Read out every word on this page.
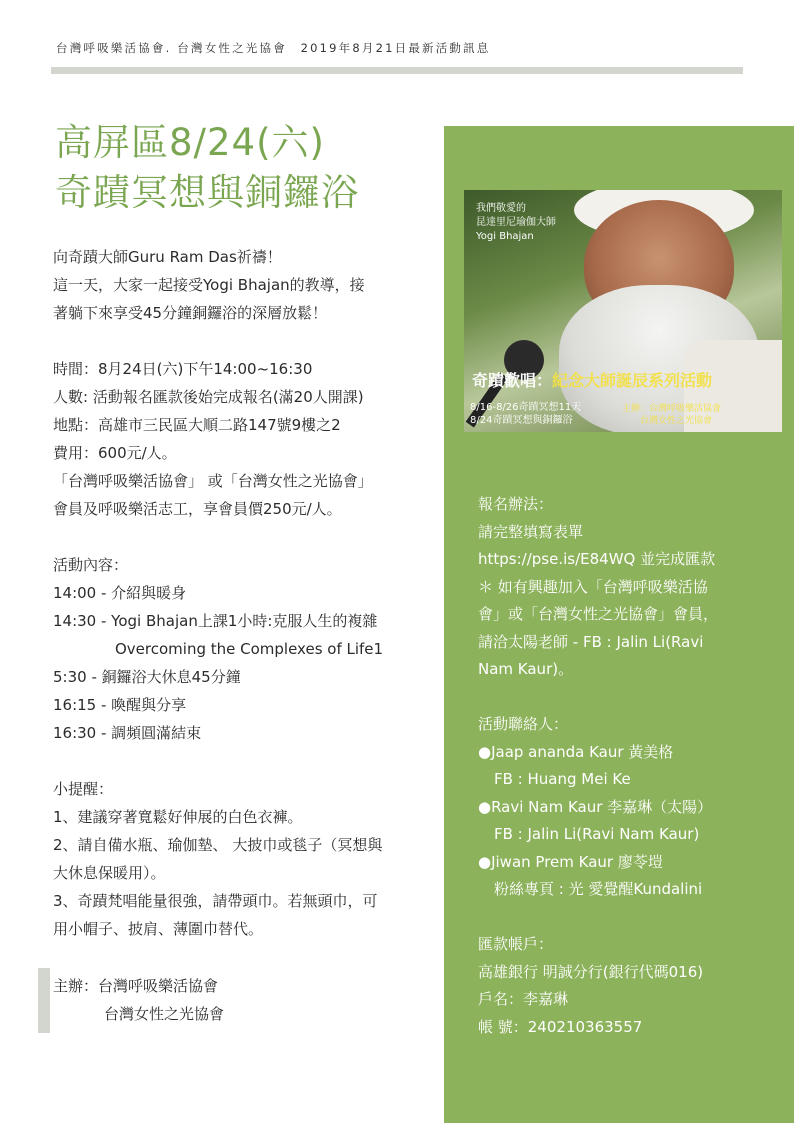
台灣呼吸樂活協會. 台灣女性之光協會　2019年8月21日最新活動訊息
高屏區8/24(六)
奇蹟冥想與銅鑼浴

向奇蹟大師Guru Ram Das祈禱！

這一天，大家一起接受Yogi Bhajan的教導，接

著躺下來享受45分鐘銅鑼浴的深層放鬆！

時間：8月24日(六)下午14:00~16:30

人數: 活動報名匯款後始完成報名(滿20人開課)

地點：高雄市三民區大順二路147號9樓之2

費用：600元/人。

「台灣呼吸樂活協會」 或「台灣女性之光協會」

會員及呼吸樂活志工，享會員價250元/人。

活動內容：

14:00 - 介紹與暖身

14:30 - Yogi Bhajan上課1小時:克服人生的複雜

Overcoming the Complexes of Life1

5:30 - 銅鑼浴大休息45分鐘

16:15 - 喚醒與分享

16:30 - 調頻圓滿結束

小提醒：

1、建議穿著寬鬆好伸展的白色衣褲。

2、請自備水瓶、瑜伽墊、 大披巾或毯子（冥想與

大休息保暖用）。

3、奇蹟梵唱能量很強，請帶頭巾。若無頭巾，可

用小帽子、披肩、薄圍巾替代。

主辦：台灣呼吸樂活協會

台灣女性之光協會

我們敬愛的
昆達里尼瑜伽大師
Yogi Bhajan
奇蹟歡唱：紀念大師誕辰系列活動
8/16-8/26奇蹟冥想11天
8/24奇蹟冥想與銅鑼浴
主辦：台灣呼吸樂活協會
台灣女性之光協會

報名辦法：

請完整填寫表單

https://pse.is/E84WQ 並完成匯款

＊ 如有興趣加入「台灣呼吸樂活協

會」或「台灣女性之光協會」會員，

請洽太陽老師 - FB : Jalin Li(Ravi

Nam Kaur)。

活動聯絡人：

●Jaap ananda Kaur 黃美格

FB : Huang Mei Ke

●Ravi Nam Kaur 李嘉琳（太陽）

FB : Jalin Li(Ravi Nam Kaur)

●Jiwan Prem Kaur 廖苓塏

粉絲專頁 : 光 愛覺醒Kundalini

匯款帳戶：

高雄銀行 明誠分行(銀行代碼016)

戶名：李嘉琳

帳 號：240210363557
